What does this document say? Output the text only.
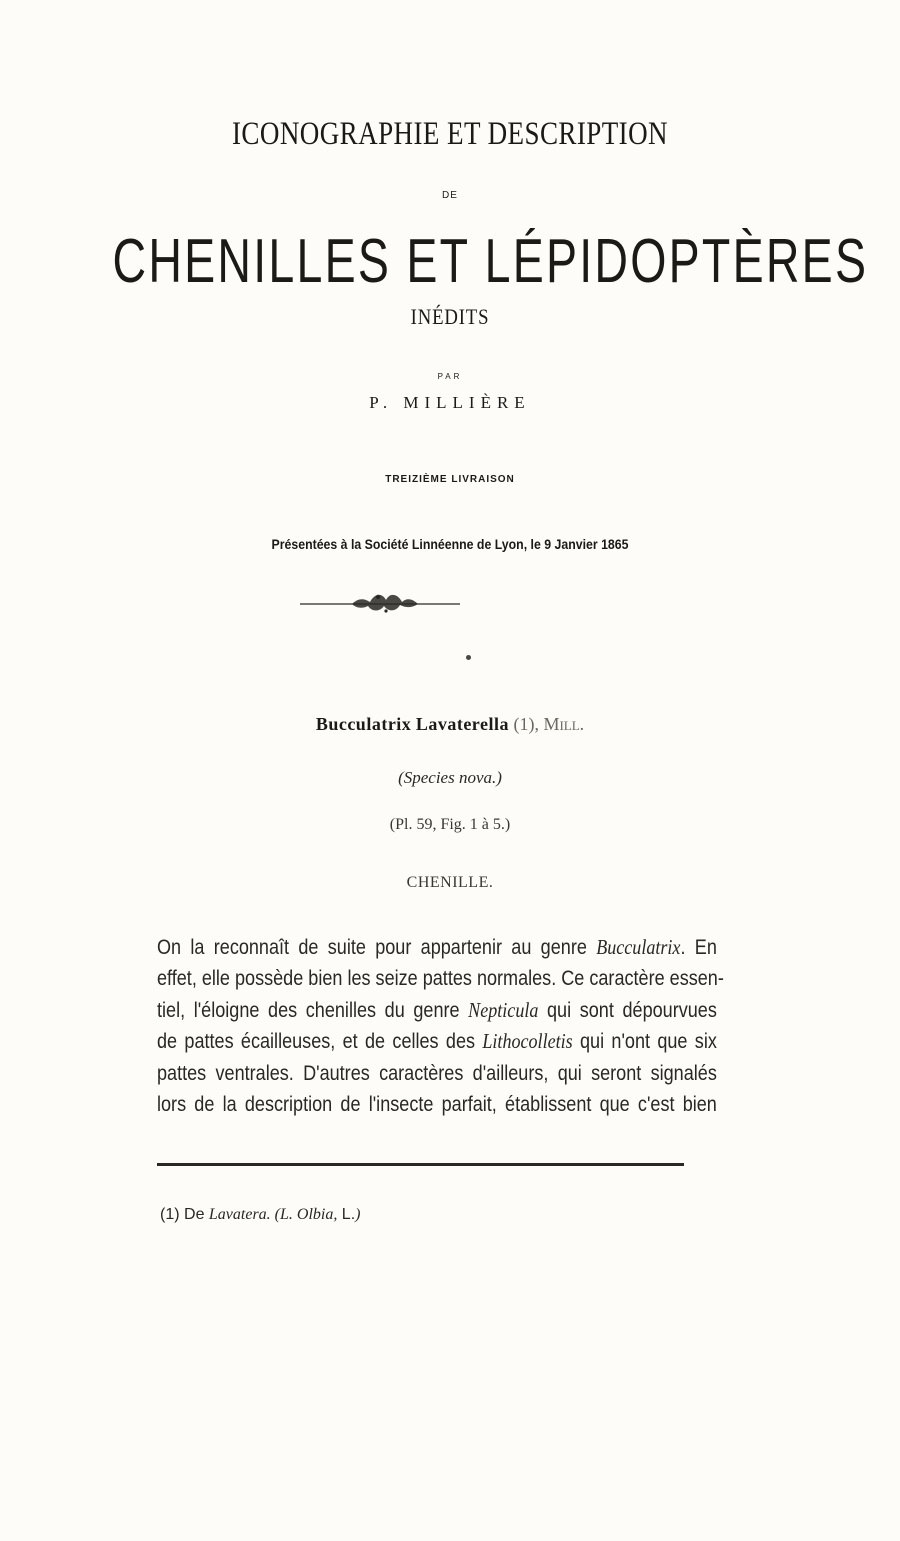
ICONOGRAPHIE ET DESCRIPTION
DE
CHENILLES ET LÉPIDOPTÈRES
INÉDITS
PAR
P. MILLIÈRE
TREIZIÈME LIVRAISON
Présentées à la Société Linnéenne de Lyon, le 9 Janvier 1865
Bucculatrix Lavaterella (1), Mill.
(Species nova.)
(Pl. 59, Fig. 1 à 5.)
CHENILLE.
On la reconnaît de suite pour appartenir au genre Bucculatrix. En
effet, elle possède bien les seize pattes normales. Ce caractère essen-
tiel, l'éloigne des chenilles du genre Nepticula qui sont dépourvues
de pattes écailleuses, et de celles des Lithocolletis qui n'ont que six
pattes ventrales. D'autres caractères d'ailleurs, qui seront signalés
lors de la description de l'insecte parfait, établissent que c'est bien
(1) De Lavatera. (L. Olbia, L.)
